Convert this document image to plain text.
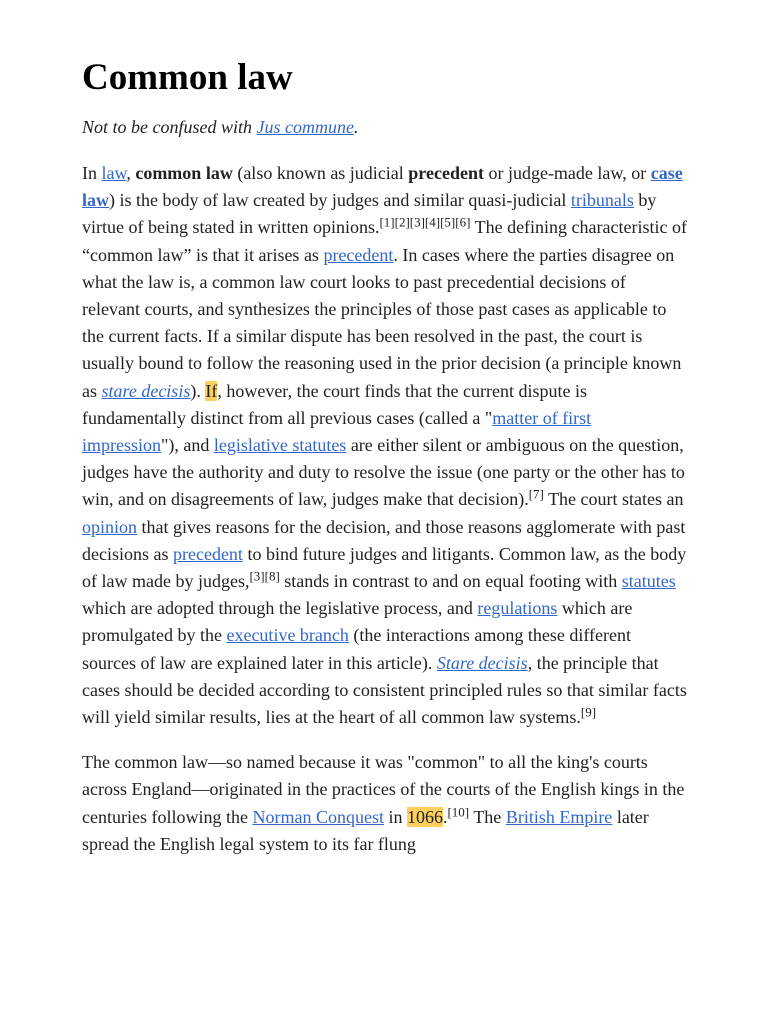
Common law
Not to be confused with Jus commune.

In law, common law (also known as judicial precedent or judge-made law, or case law) is the body of law created by judges and similar quasi-judicial tribunals by virtue of being stated in written opinions.[1][2][3][4][5][6] The defining characteristic of “common law” is that it arises as precedent. In cases where the parties disagree on what the law is, a common law court looks to past precedential decisions of relevant courts, and synthesizes the principles of those past cases as applicable to the current facts. If a similar dispute has been resolved in the past, the court is usually bound to follow the reasoning used in the prior decision (a principle known as stare decisis). If, however, the court finds that the current dispute is fundamentally distinct from all previous cases (called a "matter of first impression"), and legislative statutes are either silent or ambiguous on the question, judges have the authority and duty to resolve the issue (one party or the other has to win, and on disagreements of law, judges make that decision).[7] The court states an opinion that gives reasons for the decision, and those reasons agglomerate with past decisions as precedent to bind future judges and litigants. Common law, as the body of law made by judges,[3][8] stands in contrast to and on equal footing with statutes which are adopted through the legislative process, and regulations which are promulgated by the executive branch (the interactions among these different sources of law are explained later in this article). Stare decisis, the principle that cases should be decided according to consistent principled rules so that similar facts will yield similar results, lies at the heart of all common law systems.[9]

The common law—so named because it was "common" to all the king's courts across England—originated in the practices of the courts of the English kings in the centuries following the Norman Conquest in 1066.[10] The British Empire later spread the English legal system to its far flung
